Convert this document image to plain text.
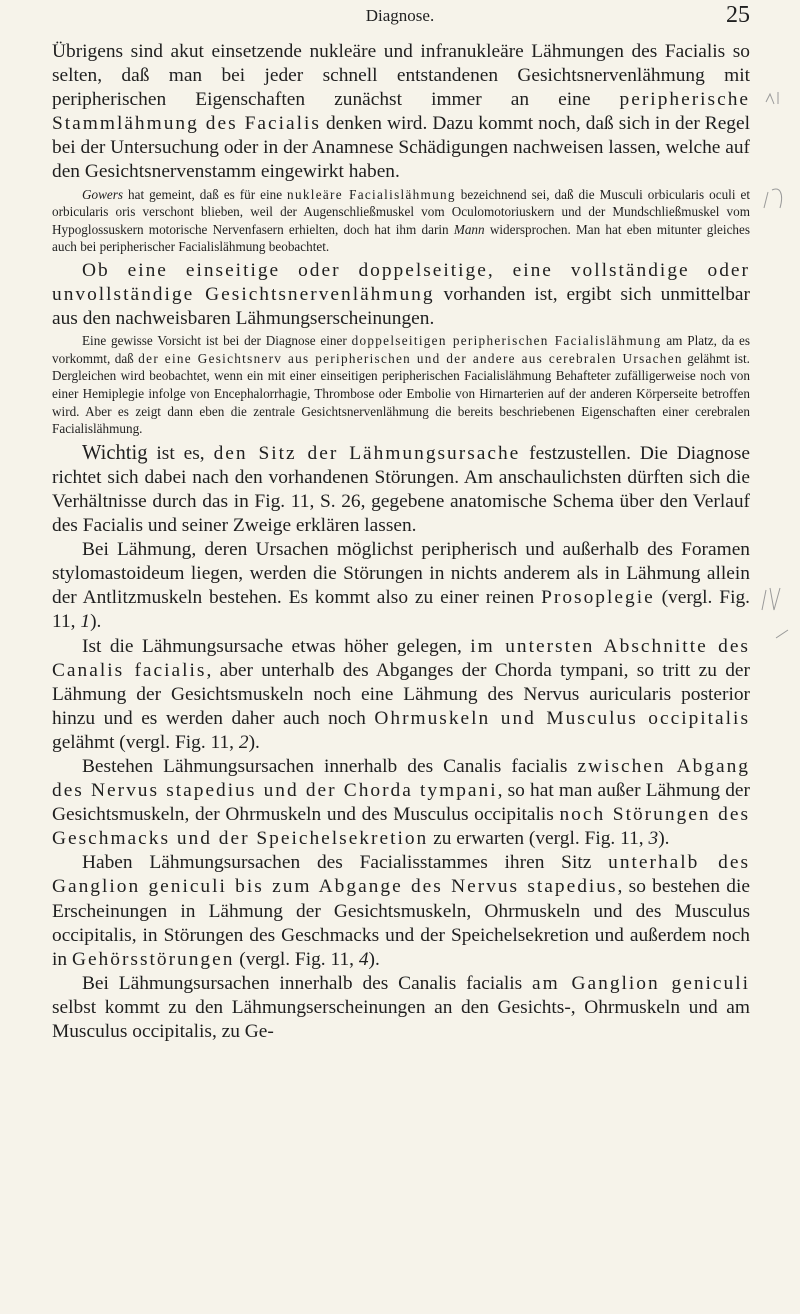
Diagnose.	25

Übrigens sind akut einsetzende nukleäre und infranukleäre Lähmungen des Facialis so selten, daß man bei jeder schnell entstandenen Gesichtsnervenlähmung mit peripherischen Eigenschaften zunächst immer an eine peripherische Stammlähmung des Facialis denken wird. Dazu kommt noch, daß sich in der Regel bei der Untersuchung oder in der Anamnese Schädigungen nachweisen lassen, welche auf den Gesichtsnervenstamm eingewirkt haben.

Gowers hat gemeint, daß es für eine nukleäre Facialislähmung bezeichnend sei, daß die Musculi orbicularis oculi et orbicularis oris verschont blieben, weil der Augenschließmuskel vom Oculomotoriuskern und der Mundschließmuskel vom Hypoglossuskern motorische Nervenfasern erhielten, doch hat ihm darin Mann widersprochen. Man hat eben mitunter gleiches auch bei peripherischer Facialislähmung beobachtet.

Ob eine einseitige oder doppelseitige, eine vollständige oder unvollständige Gesichtsnervenlähmung vorhanden ist, ergibt sich unmittelbar aus den nachweisbaren Lähmungserscheinungen.

Eine gewisse Vorsicht ist bei der Diagnose einer doppelseitigen peripherischen Facialislähmung am Platz, da es vorkommt, daß der eine Gesichtsnerv aus peripherischen und der andere aus cerebralen Ursachen gelähmt ist. Dergleichen wird beobachtet, wenn ein mit einer einseitigen peripherischen Facialislähmung Behafteter zufälligerweise noch von einer Hemiplegie infolge von Encephalorrhagie, Thrombose oder Embolie von Hirnarterien auf der anderen Körperseite betroffen wird. Aber es zeigt dann eben die zentrale Gesichtsnervenlähmung die bereits beschriebenen Eigenschaften einer cerebralen Facialislähmung.

Wichtig ist es, den Sitz der Lähmungsursache festzustellen. Die Diagnose richtet sich dabei nach den vorhandenen Störungen. Am anschaulichsten dürften sich die Verhältnisse durch das in Fig. 11, S. 26, gegebene anatomische Schema über den Verlauf des Facialis und seiner Zweige erklären lassen.

Bei Lähmung, deren Ursachen möglichst peripherisch und außerhalb des Foramen stylomastoideum liegen, werden die Störungen in nichts anderem als in Lähmung allein der Antlitzmuskeln bestehen. Es kommt also zu einer reinen Prosoplegie (vergl. Fig. 11, 1).

Ist die Lähmungsursache etwas höher gelegen, im untersten Abschnitte des Canalis facialis, aber unterhalb des Abganges der Chorda tympani, so tritt zu der Lähmung der Gesichtsmuskeln noch eine Lähmung des Nervus auricularis posterior hinzu und es werden daher auch noch Ohrmuskeln und Musculus occipitalis gelähmt (vergl. Fig. 11, 2).

Bestehen Lähmungsursachen innerhalb des Canalis facialis zwischen Abgang des Nervus stapedius und der Chorda tympani, so hat man außer Lähmung der Gesichtsmuskeln, der Ohrmuskeln und des Musculus occipitalis noch Störungen des Geschmacks und der Speichelsekretion zu erwarten (vergl. Fig. 11, 3).

Haben Lähmungsursachen des Facialisstammes ihren Sitz unterhalb des Ganglion geniculi bis zum Abgange des Nervus stapedius, so bestehen die Erscheinungen in Lähmung der Gesichtsmuskeln, Ohrmuskeln und des Musculus occipitalis, in Störungen des Geschmacks und der Speichelsekretion und außerdem noch in Gehörsstörungen (vergl. Fig. 11, 4).

Bei Lähmungsursachen innerhalb des Canalis facialis am Ganglion geniculi selbst kommt zu den Lähmungserscheinungen an den Gesichts-, Ohrmuskeln und am Musculus occipitalis, zu Ge-
